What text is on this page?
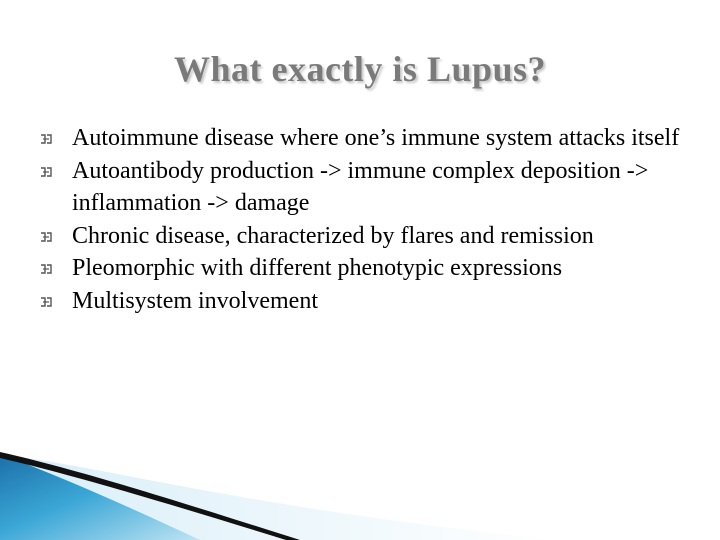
What exactly is Lupus?
Autoimmune disease where one’s immune system attacks itself
Autoantibody production -> immune complex deposition -> inflammation -> damage
Chronic disease, characterized by flares and remission
Pleomorphic with different phenotypic expressions
Multisystem involvement
